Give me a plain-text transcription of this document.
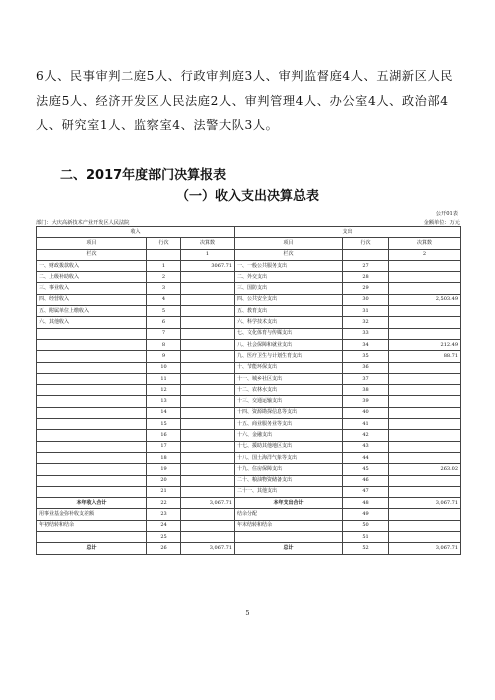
6人、民事审判二庭5人、行政审判庭3人、审判监督庭4人、五湖新区人民法庭5人、经济开发区人民法庭2人、审判管理4人、办公室4人、政治部4人、研究室1人、监察室4、法警大队3人。

二、2017年度部门决算报表
（一）收入支出决算总表
公开01表
部门：大庆高新技术产业开发区人民法院	金额单位：万元
收入			支出		
项目	行次	决算数	项目	行次	决算数
栏次		1	栏次		2
一、财政拨款收入	1	3067.71	一、一般公共服务支出	27	
二、上级补助收入	2		二、外交支出	28	
三、事业收入	3		三、国防支出	29	
四、经营收入	4		四、公共安全支出	30	2,503.49
五、附属单位上缴收入	5		五、教育支出	31	
六、其他收入	6		六、科学技术支出	32	
	7		七、文化体育与传媒支出	33	
	8		八、社会保障和就业支出	34	212.49
	9		九、医疗卫生与计划生育支出	35	88.71
	10		十、节能环保支出	36	
	11		十一、城乡社区支出	37	
	12		十二、农林水支出	38	
	13		十三、交通运输支出	39	
	14		十四、资源勘探信息等支出	40	
	15		十五、商业服务业等支出	41	
	16		十六、金融支出	42	
	17		十七、援助其他地区支出	43	
	18		十八、国土海洋气象等支出	44	
	19		十九、住房保障支出	45	263.02
	20		二十、粮油物资储备支出	46	
	21		二十一、其他支出	47	
本年收入合计	22	3,067.71	本年支出合计	48	3,067.71
用事业基金弥补收支差额	23		结余分配	49	
年初结转和结余	24		年末结转和结余	50	
	25			51	
总计	26	3,067.71	总计	52	3,067.71
5
